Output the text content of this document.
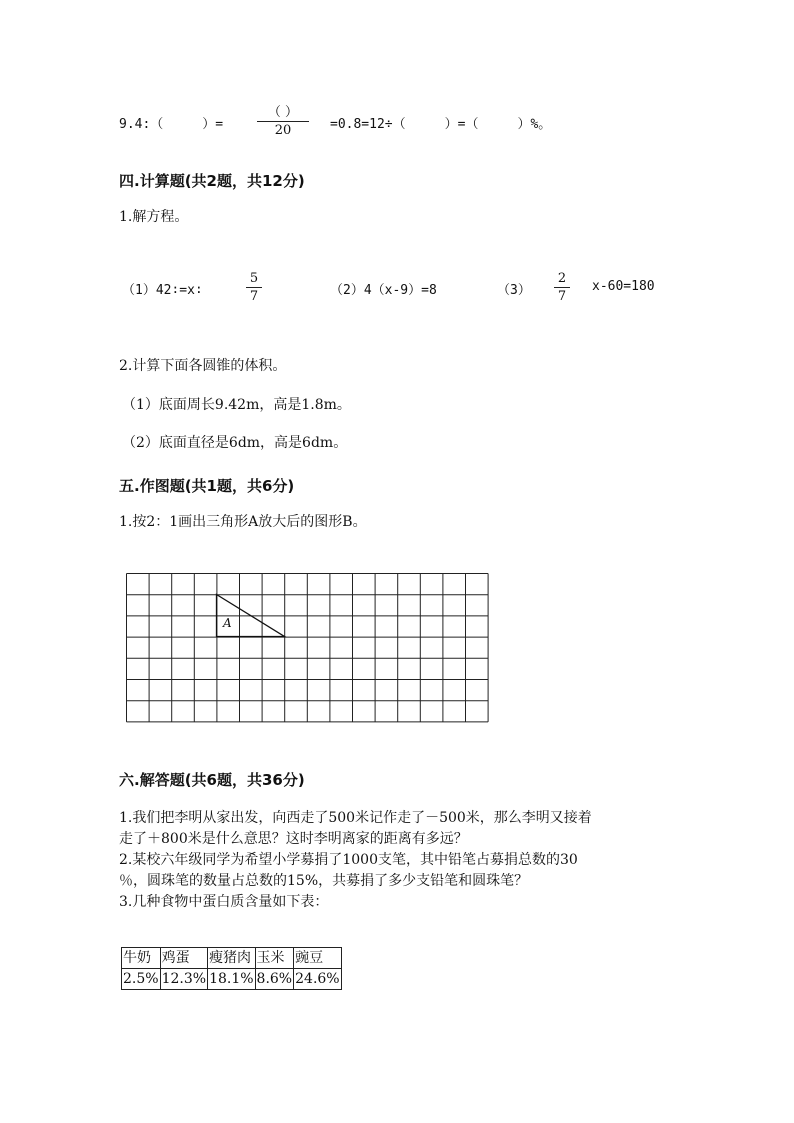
9.4:（　　　）=
（ ）
20	=0.8=12÷（　　　）=（　　　）%。
四.计算题(共2题，共12分)
1.解方程。
（1）42∶=x∶
5
7	（2）4（x-9）=8	（3）
2
7
x-60=180
2.计算下面各圆锥的体积。
（1）底面周长9.42m，高是1.8m。
（2）底面直径是6dm，高是6dm。
五.作图题(共1题，共6分)
1.按2：1画出三角形A放大后的图形B。
A
六.解答题(共6题，共36分)
1.我们把李明从家出发，向西走了500米记作走了－500米，那么李明又接着
走了＋800米是什么意思？这时李明离家的距离有多远？
2.某校六年级同学为希望小学募捐了1000支笔，其中铅笔占募捐总数的30
％，圆珠笔的数量占总数的15%，共募捐了多少支铅笔和圆珠笔？
3.几种食物中蛋白质含量如下表：
牛奶	鸡蛋	瘦猪肉	玉米	豌豆
2.5%	12.3%	18.1%	8.6%	24.6%
